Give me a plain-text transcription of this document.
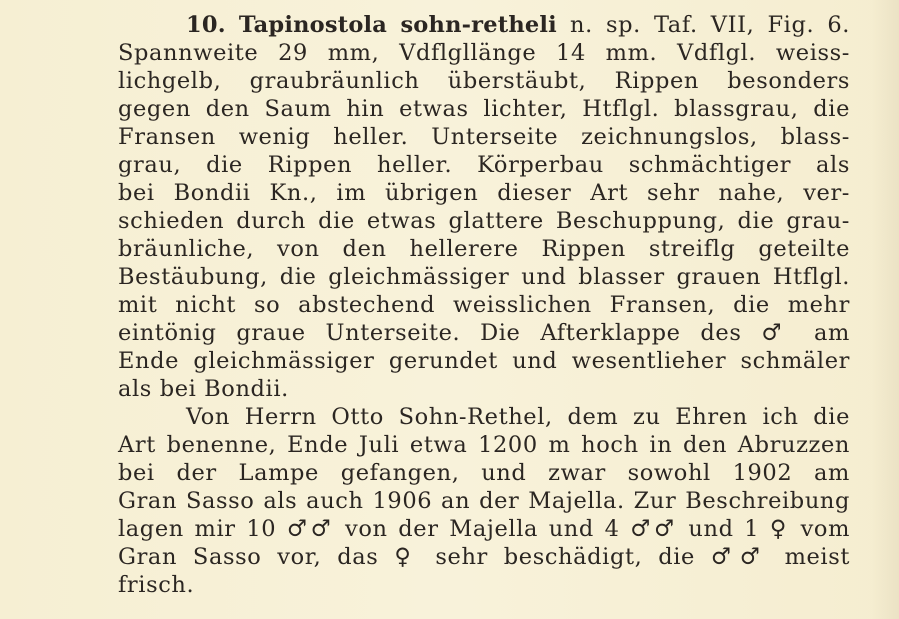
10. Tapinostola sohn-retheli n. sp. Taf. VII, Fig. 6.
Spannweite 29 mm, Vdflgllänge 14 mm. Vdflgl. weiss-
lichgelb, graubräunlich überstäubt, Rippen besonders
gegen den Saum hin etwas lichter, Htflgl. blassgrau, die
Fransen wenig heller. Unterseite zeichnungslos, blass-
grau, die Rippen heller. Körperbau schmächtiger als
bei Bondii Kn., im übrigen dieser Art sehr nahe, ver-
schieden durch die etwas glattere Beschuppung, die grau-
bräunliche, von den hellerere Rippen streiflg geteilte
Bestäubung, die gleichmässiger und blasser grauen Htflgl.
mit nicht so abstechend weisslichen Fransen, die mehr
eintönig graue Unterseite. Die Afterklappe des ♂ am
Ende gleichmässiger gerundet und wesentlieher schmäler
als bei Bondii.
Von Herrn Otto Sohn-Rethel, dem zu Ehren ich die
Art benenne, Ende Juli etwa 1200 m hoch in den Abruzzen
bei der Lampe gefangen, und zwar sowohl 1902 am
Gran Sasso als auch 1906 an der Majella. Zur Beschreibung
lagen mir 10 ♂♂ von der Majella und 4 ♂♂ und 1 ♀ vom
Gran Sasso vor, das ♀ sehr beschädigt, die ♂♂ meist
frisch.
